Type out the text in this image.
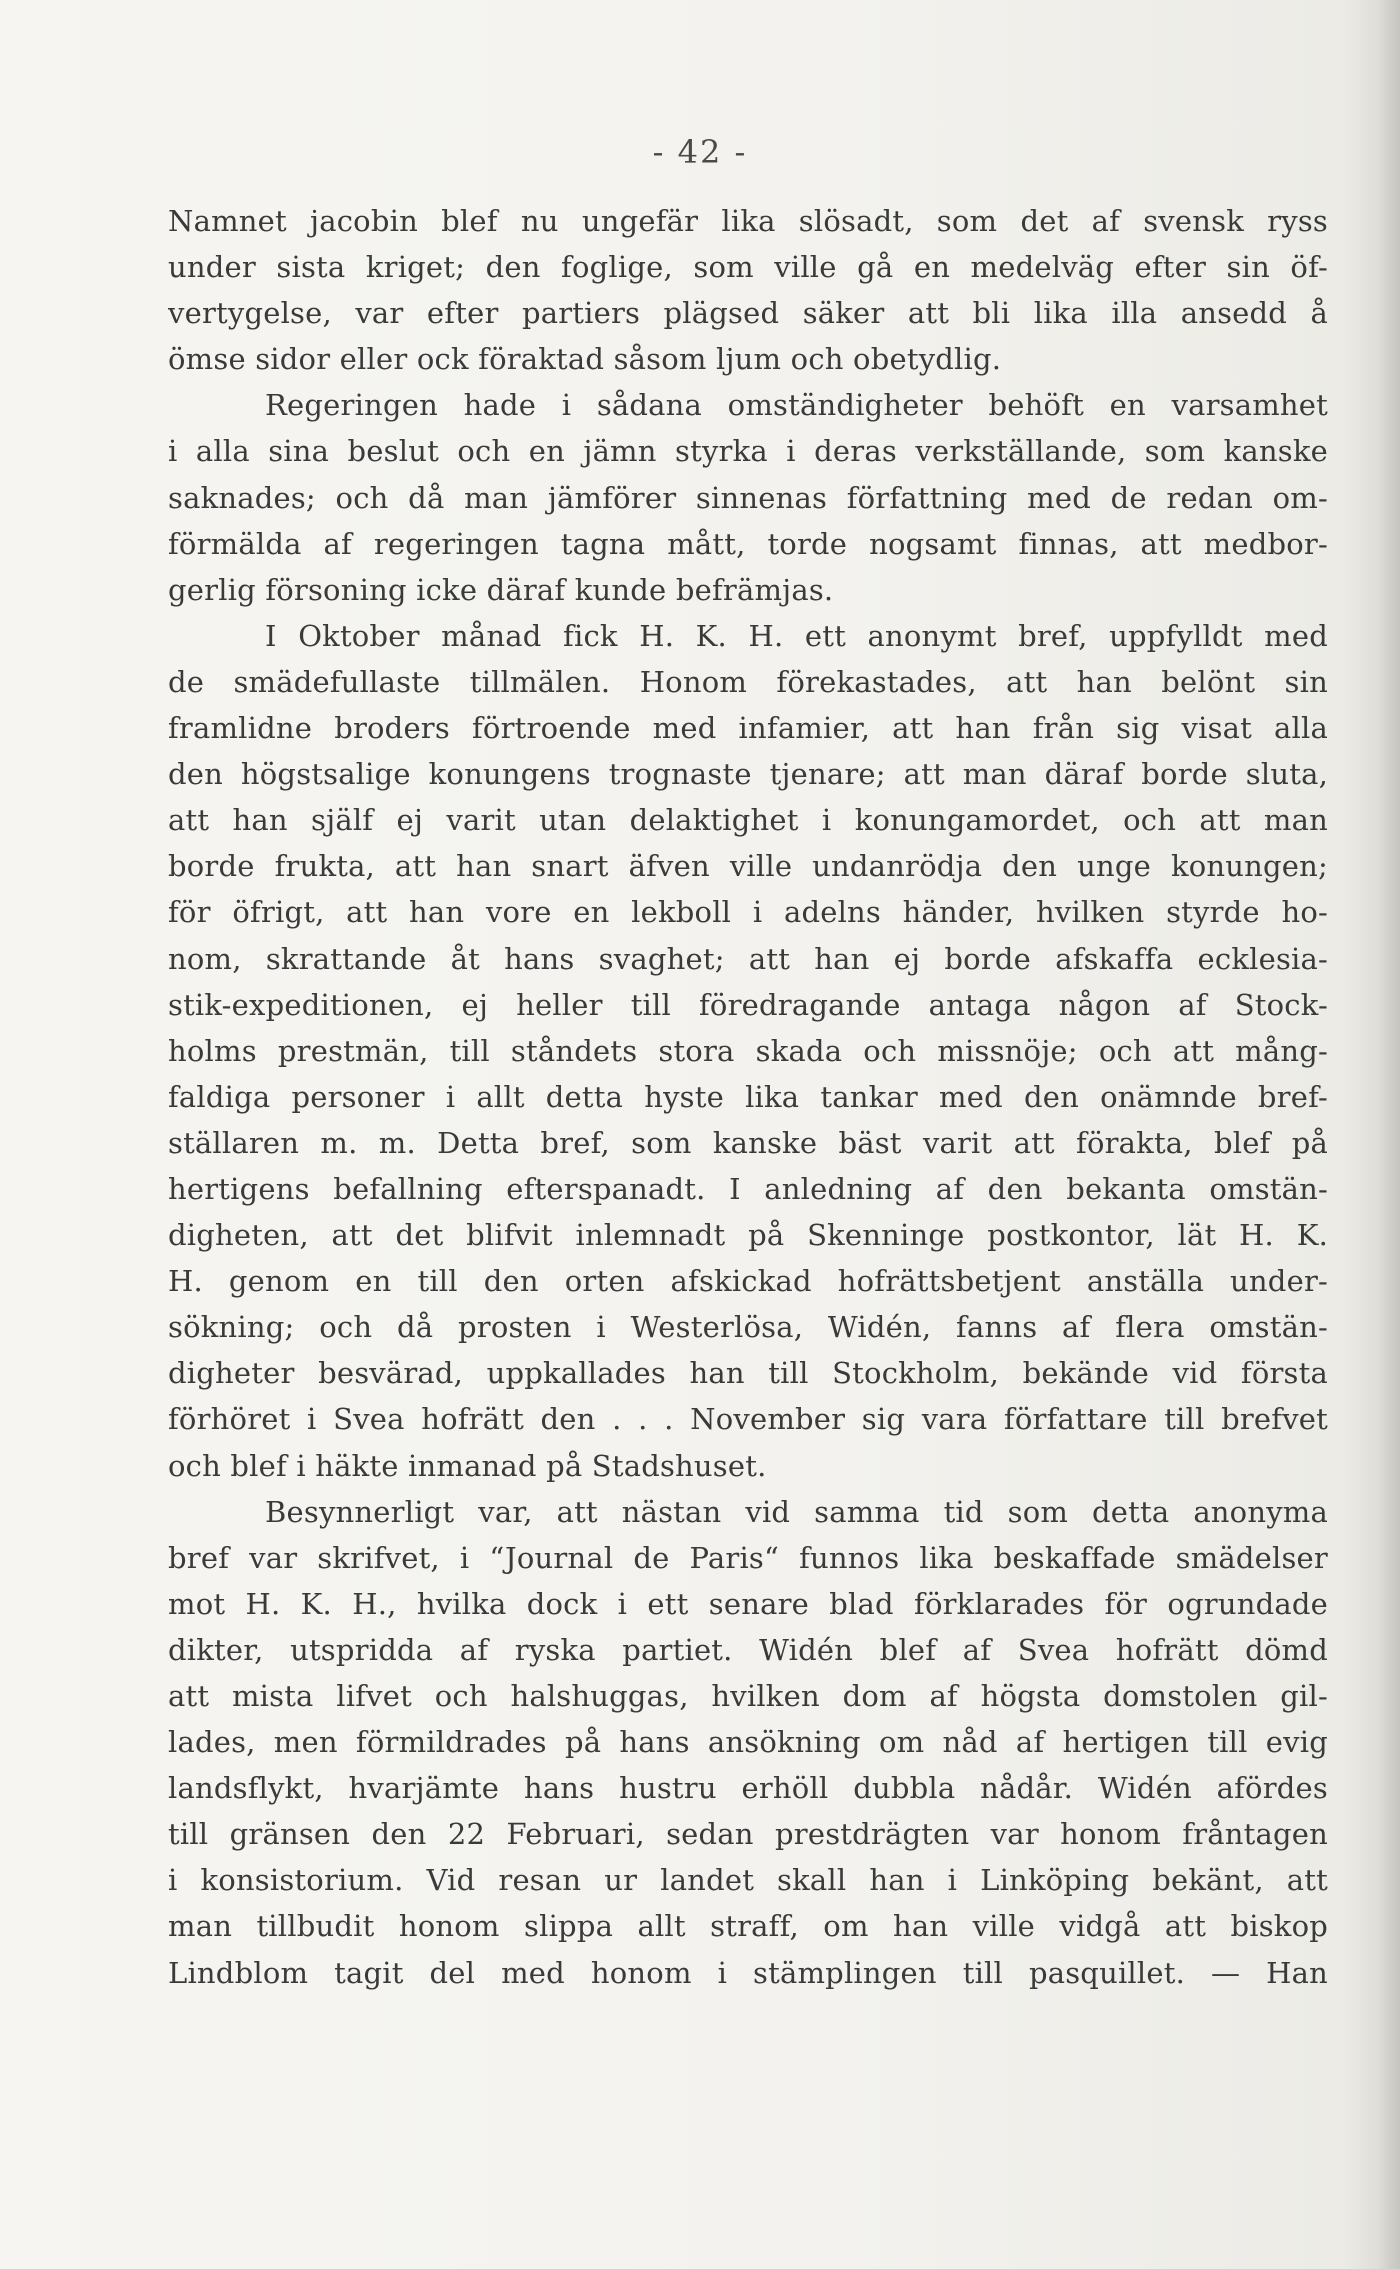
- 42 -
Namnet jacobin blef nu ungefär lika slösadt, som det af svensk ryss
under sista kriget; den foglige, som ville gå en medelväg efter sin öf-
vertygelse, var efter partiers plägsed säker att bli lika illa ansedd å
ömse sidor eller ock föraktad såsom ljum och obetydlig.
Regeringen hade i sådana omständigheter behöft en varsamhet
i alla sina beslut och en jämn styrka i deras verkställande, som kanske
saknades; och då man jämförer sinnenas författning med de redan om-
förmälda af regeringen tagna mått, torde nogsamt finnas, att medbor-
gerlig försoning icke däraf kunde befrämjas.
I Oktober månad fick H. K. H. ett anonymt bref, uppfylldt med
de smädefullaste tillmälen. Honom förekastades, att han belönt sin
framlidne broders förtroende med infamier, att han från sig visat alla
den högstsalige konungens trognaste tjenare; att man däraf borde sluta,
att han själf ej varit utan delaktighet i konungamordet, och att man
borde frukta, att han snart äfven ville undanrödja den unge konungen;
för öfrigt, att han vore en lekboll i adelns händer, hvilken styrde ho-
nom, skrattande åt hans svaghet; att han ej borde afskaffa ecklesia-
stik-expeditionen, ej heller till föredragande antaga någon af Stock-
holms prestmän, till ståndets stora skada och missnöje; och att mång-
faldiga personer i allt detta hyste lika tankar med den onämnde bref-
ställaren m. m. Detta bref, som kanske bäst varit att förakta, blef på
hertigens befallning efterspanadt. I anledning af den bekanta omstän-
digheten, att det blifvit inlemnadt på Skenninge postkontor, lät H. K.
H. genom en till den orten afskickad hofrättsbetjent anställa under-
sökning; och då prosten i Westerlösa, Widén, fanns af flera omstän-
digheter besvärad, uppkallades han till Stockholm, bekände vid första
förhöret i Svea hofrätt den . . . November sig vara författare till brefvet
och blef i häkte inmanad på Stadshuset.
Besynnerligt var, att nästan vid samma tid som detta anonyma
bref var skrifvet, i “Journal de Paris“ funnos lika beskaffade smädelser
mot H. K. H., hvilka dock i ett senare blad förklarades för ogrundade
dikter, utspridda af ryska partiet. Widén blef af Svea hofrätt dömd
att mista lifvet och halshuggas, hvilken dom af högsta domstolen gil-
lades, men förmildrades på hans ansökning om nåd af hertigen till evig
landsflykt, hvarjämte hans hustru erhöll dubbla nådår. Widén afördes
till gränsen den 22 Februari, sedan prestdrägten var honom fråntagen
i konsistorium. Vid resan ur landet skall han i Linköping bekänt, att
man tillbudit honom slippa allt straff, om han ville vidgå att biskop
Lindblom tagit del med honom i stämplingen till pasquillet. — Han
